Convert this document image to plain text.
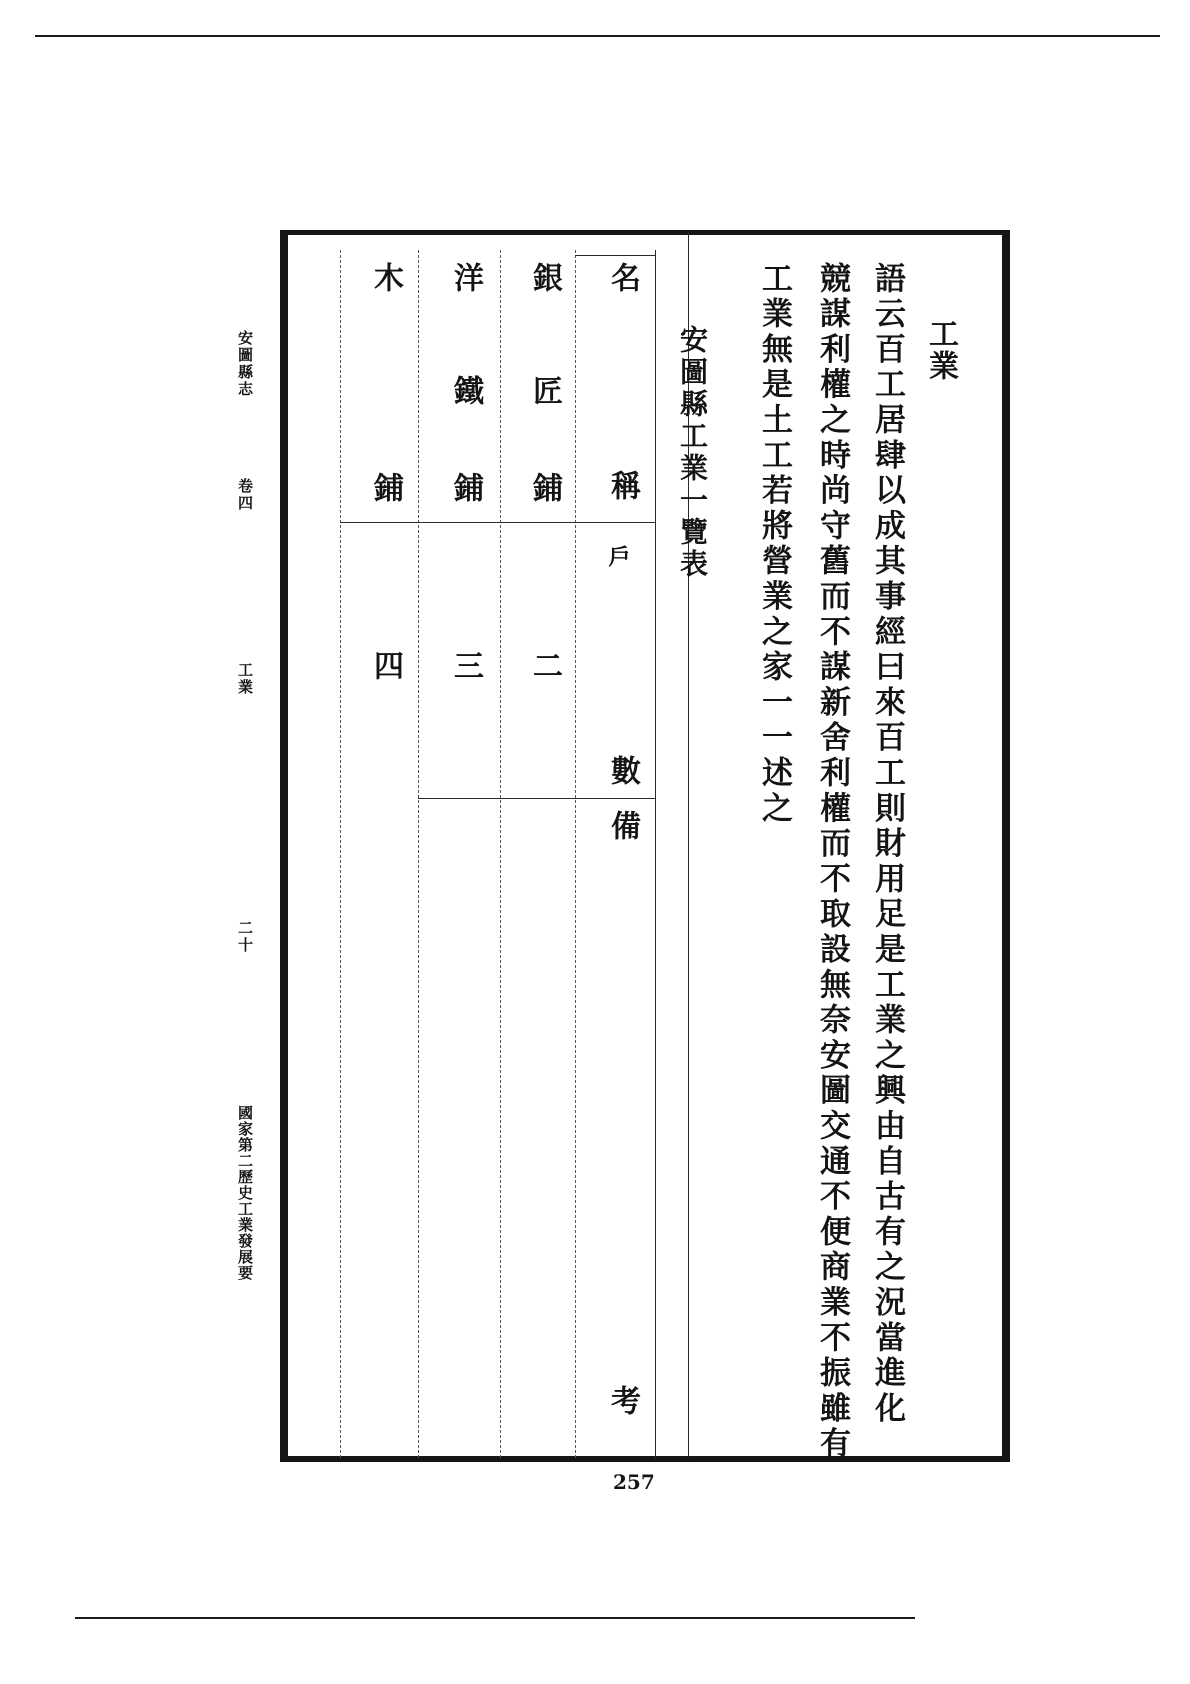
工業
語云百工居肆以成其事經曰來百工則財用足是工業之興由自古有之況當進化
競謀利權之時尚守舊而不謀新舍利權而不取設無奈安圖交通不便商業不振雖有
工業無是土工若將營業之家一一述之
安圖縣工業一覽表
名
稱
戶
數
備
考
銀
匠
鋪
二
洋
鐵
鋪
三
木
鋪
四
安圖縣志
卷四
工業
二十
國家第二歷史工業發展要
257
